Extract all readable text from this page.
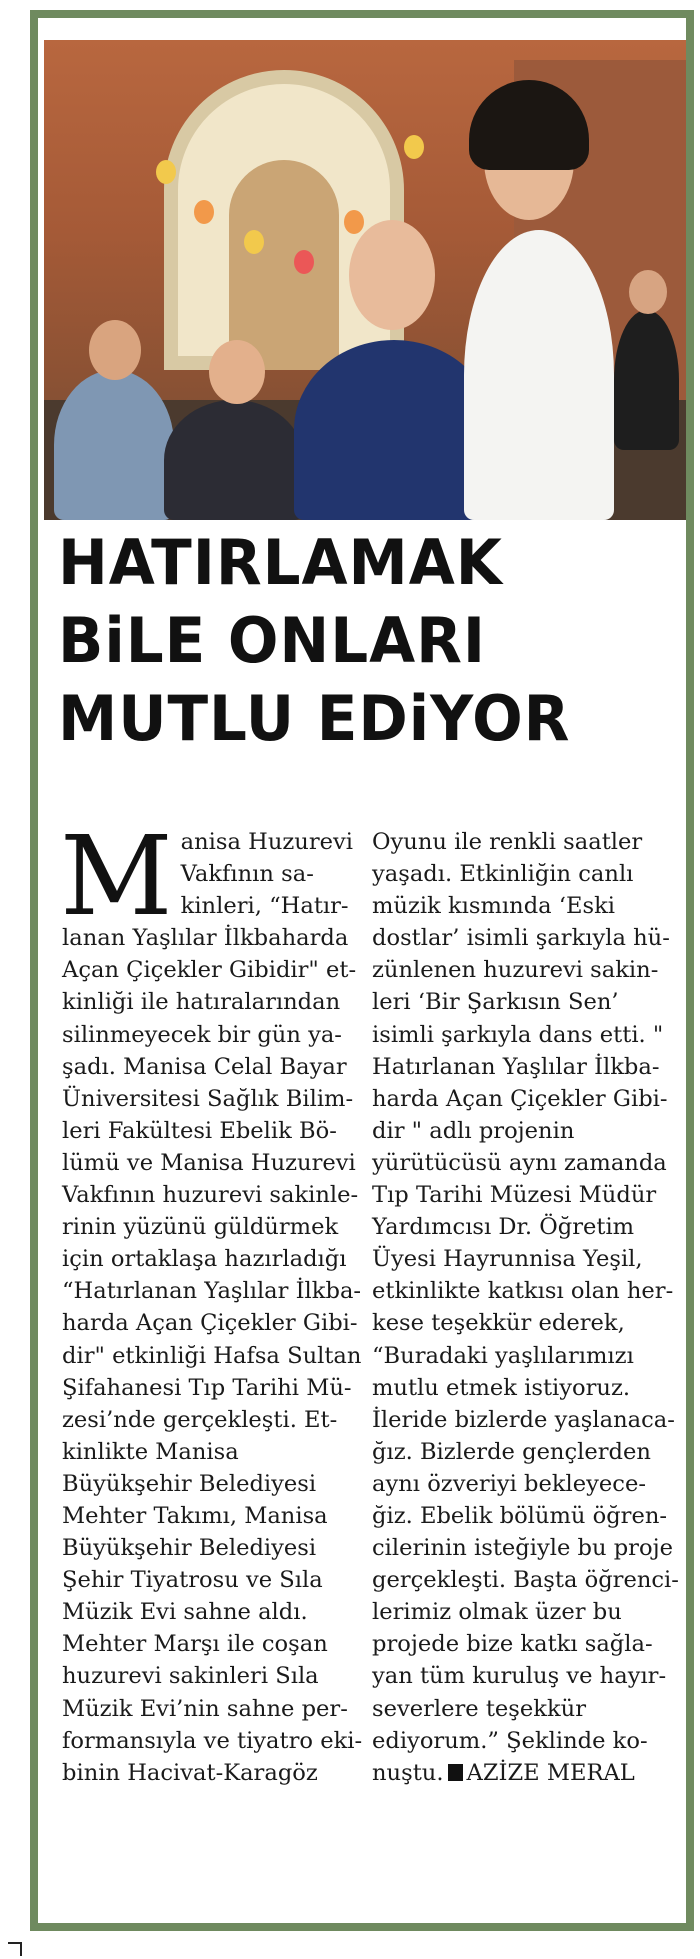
HATIRLAMAK
BiLE ONLARI
MUTLU EDiYOR
M anisa Huzurevi
Vakfının sa-
kinleri, “Hatır-
lanan Yaşlılar İlkbaharda
Açan Çiçekler Gibidir" et-
kinliği ile hatıralarından
silinmeyecek bir gün ya-
şadı. Manisa Celal Bayar
Üniversitesi Sağlık Bilim-
leri Fakültesi Ebelik Bö-
lümü ve Manisa Huzurevi
Vakfının huzurevi sakinle-
rinin yüzünü güldürmek
için ortaklaşa hazırladığı
“Hatırlanan Yaşlılar İlkba-
harda Açan Çiçekler Gibi-
dir" etkinliği Hafsa Sultan
Şifahanesi Tıp Tarihi Mü-
zesi’nde gerçekleşti. Et-
kinlikte Manisa
Büyükşehir Belediyesi
Mehter Takımı, Manisa
Büyükşehir Belediyesi
Şehir Tiyatrosu ve Sıla
Müzik Evi sahne aldı.
Mehter Marşı ile coşan
huzurevi sakinleri Sıla
Müzik Evi’nin sahne per-
formansıyla ve tiyatro eki-
binin Hacivat-Karagöz

Oyunu ile renkli saatler
yaşadı. Etkinliğin canlı
müzik kısmında ‘Eski
dostlar’ isimli şarkıyla hü-
zünlenen huzurevi sakin-
leri ‘Bir Şarkısın Sen’
isimli şarkıyla dans etti. "
Hatırlanan Yaşlılar İlkba-
harda Açan Çiçekler Gibi-
dir " adlı projenin
yürütücüsü aynı zamanda
Tıp Tarihi Müzesi Müdür
Yardımcısı Dr. Öğretim
Üyesi Hayrunnisa Yeşil,
etkinlikte katkısı olan her-
kese teşekkür ederek,
“Buradaki yaşlılarımızı
mutlu etmek istiyoruz.
İleride bizlerde yaşlanaca-
ğız. Bizlerde gençlerden
aynı özveriyi bekleyece-
ğiz. Ebelik bölümü öğren-
cilerinin isteğiyle bu proje
gerçekleşti. Başta öğrenci-
lerimiz olmak üzer bu
projede bize katkı sağla-
yan tüm kuruluş ve hayır-
severlere teşekkür
ediyorum.” Şeklinde ko-
nuştu. AZİZE MERAL
